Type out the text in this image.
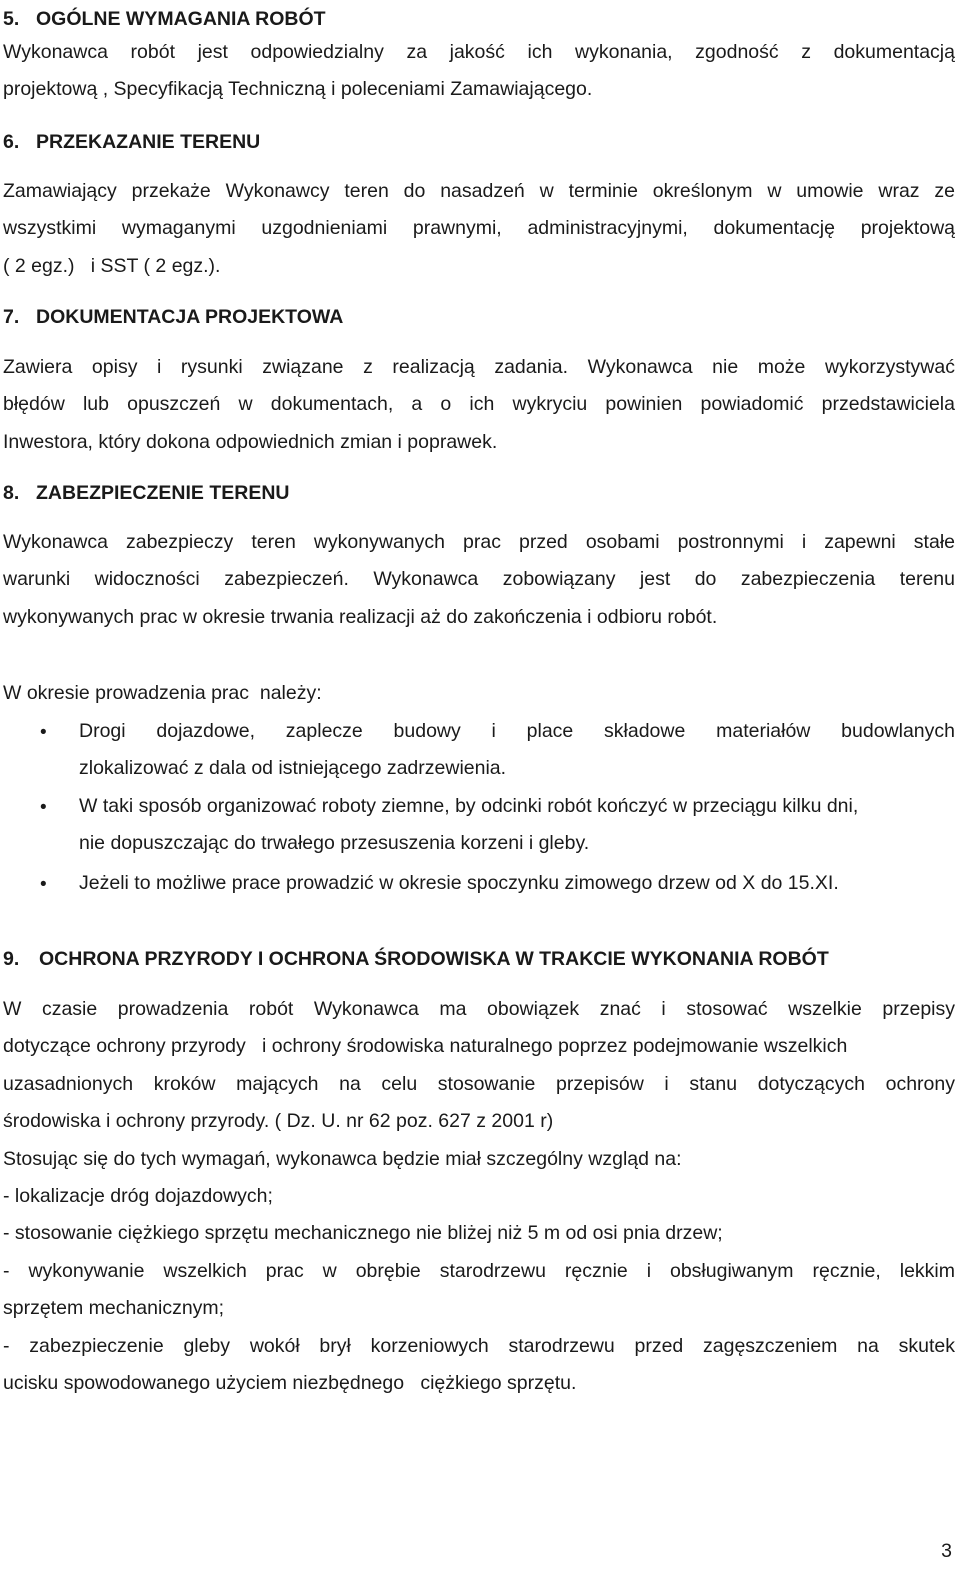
5. OGÓLNE WYMAGANIA ROBÓT
Wykonawca robót jest odpowiedzialny za jakość ich wykonania, zgodność z dokumentacją
projektową , Specyfikacją Techniczną i poleceniami Zamawiającego.
6. PRZEKAZANIE TERENU
Zamawiający przekaże Wykonawcy teren do nasadzeń w terminie określonym w umowie wraz ze
wszystkimi wymaganymi uzgodnieniami prawnymi, administracyjnymi, dokumentację projektową
( 2 egz.)   i SST ( 2 egz.).
7. DOKUMENTACJA PROJEKTOWA
Zawiera opisy i rysunki związane z realizacją zadania. Wykonawca nie może wykorzystywać
błędów lub opuszczeń w dokumentach, a o ich wykryciu powinien powiadomić przedstawiciela
Inwestora, który dokona odpowiednich zmian i poprawek.
8. ZABEZPIECZENIE TERENU
Wykonawca zabezpieczy teren wykonywanych prac przed osobami postronnymi i zapewni stałe
warunki widoczności zabezpieczeń. Wykonawca zobowiązany jest do zabezpieczenia terenu
wykonywanych prac w okresie trwania realizacji aż do zakończenia i odbioru robót.
W okresie prowadzenia prac  należy:
• Drogi dojazdowe, zaplecze budowy i place składowe materiałów budowlanych
zlokalizować z dala od istniejącego zadrzewienia.
• W taki sposób organizować roboty ziemne, by odcinki robót kończyć w przeciągu kilku dni,
nie dopuszczając do trwałego przesuszenia korzeni i gleby.
• Jeżeli to możliwe prace prowadzić w okresie spoczynku zimowego drzew od X do 15.XI.
9. OCHRONA PRZYRODY I OCHRONA ŚRODOWISKA W TRAKCIE WYKONANIA ROBÓT
W czasie prowadzenia robót Wykonawca ma obowiązek znać i stosować wszelkie przepisy
dotyczące ochrony przyrody   i ochrony środowiska naturalnego poprzez podejmowanie wszelkich
uzasadnionych kroków mających na celu stosowanie przepisów i stanu dotyczących ochrony
środowiska i ochrony przyrody. ( Dz. U. nr 62 poz. 627 z 2001 r)
Stosując się do tych wymagań, wykonawca będzie miał szczególny wzgląd na:
- lokalizacje dróg dojazdowych;
- stosowanie ciężkiego sprzętu mechanicznego nie bliżej niż 5 m od osi pnia drzew;
- wykonywanie wszelkich prac w obrębie starodrzewu ręcznie i obsługiwanym ręcznie, lekkim
sprzętem mechanicznym;
- zabezpieczenie gleby wokół brył korzeniowych starodrzewu przed zagęszczeniem na skutek
ucisku spowodowanego użyciem niezbędnego   ciężkiego sprzętu.
3
